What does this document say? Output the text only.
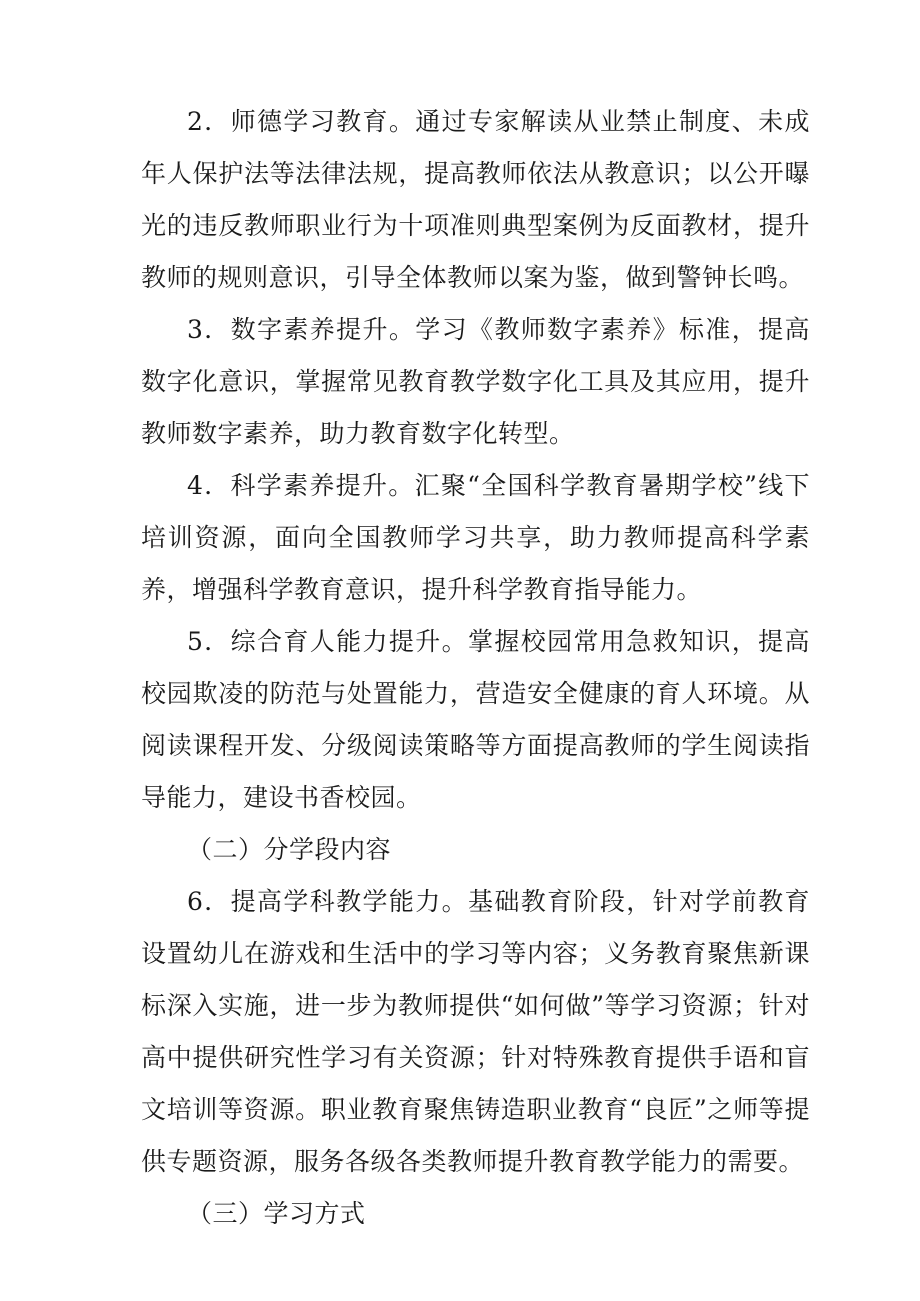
2．师德学习教育。通过专家解读从业禁止制度、未成年人保护法等法律法规，提高教师依法从教意识；以公开曝光的违反教师职业行为十项准则典型案例为反面教材，提升教师的规则意识，引导全体教师以案为鉴，做到警钟长鸣。

3．数字素养提升。学习《教师数字素养》标准，提高数字化意识，掌握常见教育教学数字化工具及其应用，提升教师数字素养，助力教育数字化转型。

4．科学素养提升。汇聚“全国科学教育暑期学校”线下培训资源，面向全国教师学习共享，助力教师提高科学素养，增强科学教育意识，提升科学教育指导能力。

5．综合育人能力提升。掌握校园常用急救知识，提高校园欺凌的防范与处置能力，营造安全健康的育人环境。从阅读课程开发、分级阅读策略等方面提高教师的学生阅读指导能力，建设书香校园。

（二）分学段内容

6．提高学科教学能力。基础教育阶段，针对学前教育设置幼儿在游戏和生活中的学习等内容；义务教育聚焦新课标深入实施，进一步为教师提供“如何做”等学习资源；针对高中提供研究性学习有关资源；针对特殊教育提供手语和盲文培训等资源。职业教育聚焦铸造职业教育“良匠”之师等提供专题资源，服务各级各类教师提升教育教学能力的需要。

（三）学习方式
